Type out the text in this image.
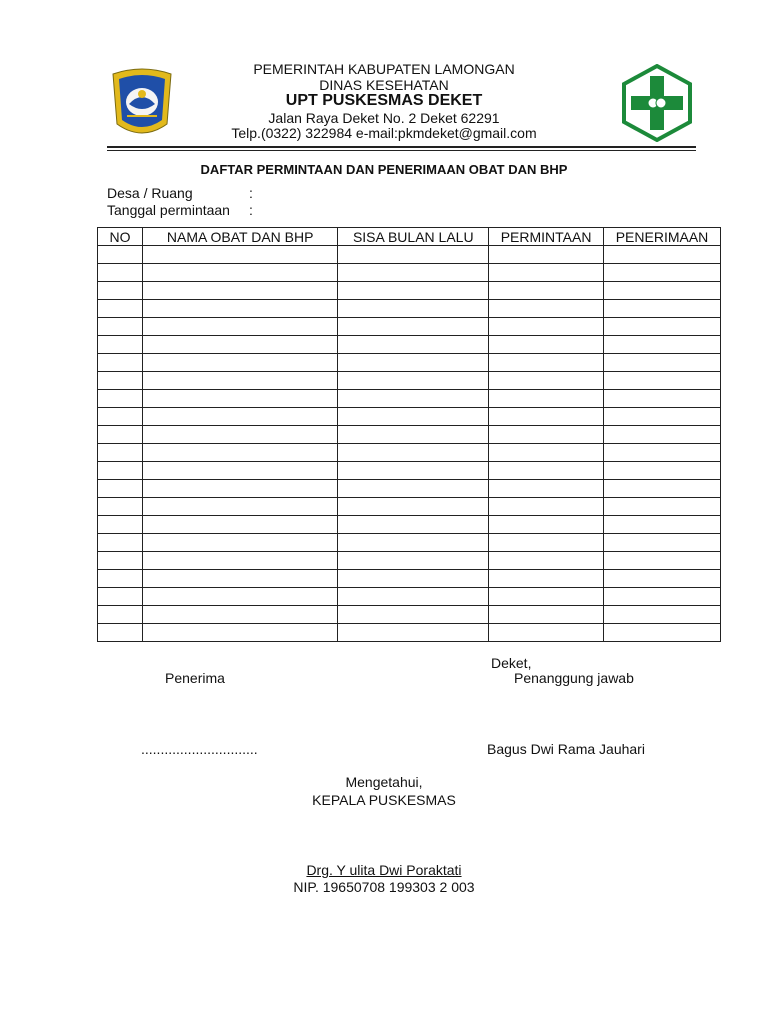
PEMERINTAH KABUPATEN LAMONGAN
DINAS KESEHATAN
UPT PUSKESMAS DEKET
Jalan Raya Deket No. 2 Deket 62291
Telp.(0322) 322984 e-mail:pkmdeket@gmail.com
DAFTAR PERMINTAAN DAN PENERIMAAN OBAT DAN BHP
Desa / Ruang	:
Tanggal permintaan :
NO	NAMA OBAT DAN BHP	SISA BULAN LALU	PERMINTAAN	PENERIMAAN

Deket,
Penerima	Penanggung jawab
..............................	Bagus Dwi Rama Jauhari
Mengetahui,
KEPALA PUSKESMAS
Drg. Y ulita Dwi Poraktati
NIP. 19650708 199303 2 003
